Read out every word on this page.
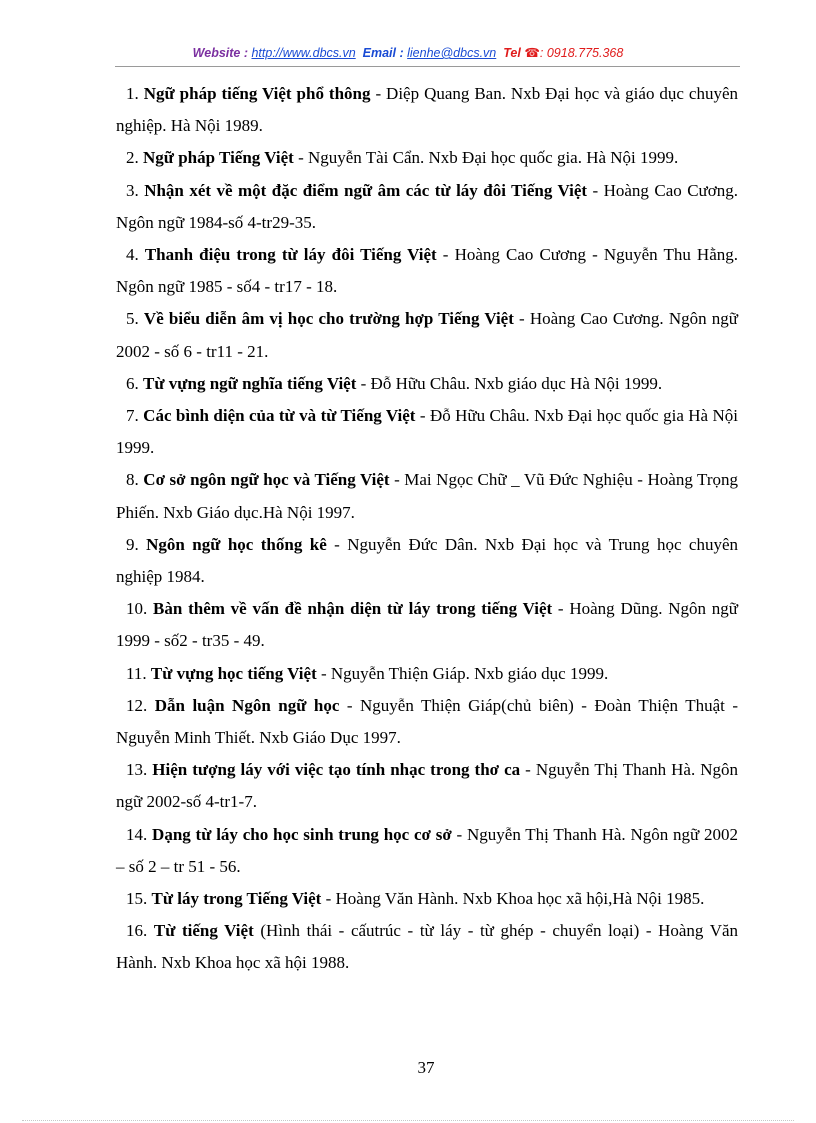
Website : http://www.dbcs.vn Email : lienhe@dbcs.vn Tel ☎: 0918.775.368

1. Ngữ pháp tiếng Việt phổ thông - Diệp Quang Ban. Nxb Đại học và giáo dục chuyên nghiệp. Hà Nội 1989.

2. Ngữ pháp Tiếng Việt - Nguyễn Tài Cẩn. Nxb Đại học quốc gia. Hà Nội 1999.

3. Nhận xét về một đặc điểm ngữ âm các từ láy đôi Tiếng Việt - Hoàng Cao Cương. Ngôn ngữ 1984-số 4-tr29-35.

4. Thanh điệu trong từ láy đôi Tiếng Việt - Hoàng Cao Cương - Nguyễn Thu Hằng. Ngôn ngữ 1985 - số4 - tr17 - 18.

5. Về biểu diễn âm vị học cho trường hợp Tiếng Việt - Hoàng Cao Cương. Ngôn ngữ 2002 - số 6 - tr11 - 21.

6. Từ vựng ngữ nghĩa tiếng Việt - Đỗ Hữu Châu. Nxb giáo dục Hà Nội 1999.

7. Các bình diện của từ và từ Tiếng Việt - Đỗ Hữu Châu. Nxb Đại học quốc gia Hà Nội 1999.

8. Cơ sở ngôn ngữ học và Tiếng Việt - Mai Ngọc Chữ _ Vũ Đức Nghiệu - Hoàng Trọng Phiến. Nxb Giáo dục.Hà Nội 1997.

9. Ngôn ngữ học thống kê - Nguyễn Đức Dân. Nxb Đại học và Trung học chuyên nghiệp 1984.

10. Bàn thêm về vấn đề nhận diện từ láy trong tiếng Việt - Hoàng Dũng. Ngôn ngữ 1999 - số2 - tr35 - 49.

11. Từ vựng học tiếng Việt - Nguyễn Thiện Giáp. Nxb giáo dục 1999.

12. Dẫn luận Ngôn ngữ học - Nguyễn Thiện Giáp(chủ biên) - Đoàn Thiện Thuật - Nguyễn Minh Thiết. Nxb Giáo Dục 1997.

13. Hiện tượng láy với việc tạo tính nhạc trong thơ ca - Nguyễn Thị Thanh Hà. Ngôn ngữ 2002-số 4-tr1-7.

14. Dạng từ láy cho học sinh trung học cơ sở - Nguyễn Thị Thanh Hà. Ngôn ngữ 2002 – số 2 – tr 51 - 56.

15. Từ láy trong Tiếng Việt - Hoàng Văn Hành. Nxb Khoa học xã hội,Hà Nội 1985.

16. Từ tiếng Việt (Hình thái - cấutrúc - từ láy - từ ghép - chuyển loại) - Hoàng Văn Hành. Nxb Khoa học xã hội 1988.

37
